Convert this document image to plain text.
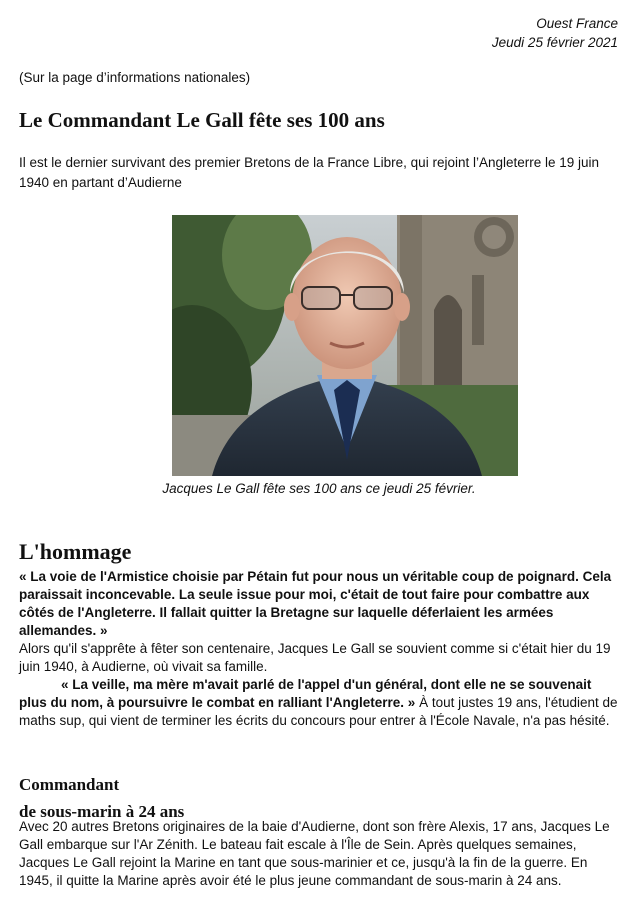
Ouest France
Jeudi 25 février 2021
(Sur la page d’informations nationales)
Le Commandant Le Gall fête ses 100 ans

Il est le dernier survivant des premier Bretons de la France Libre, qui rejoint l’Angleterre le 19 juin 1940 en partant d’Audierne

Jacques Le Gall fête ses 100 ans ce jeudi 25 février.
L'hommage

« La voie de l'Armistice choisie par Pétain fut pour nous un véritable coup de poignard. Cela paraissait inconcevable. La seule issue pour moi, c'était de tout faire pour combattre aux côtés de l'Angleterre. Il fallait quitter la Bretagne sur laquelle déferlaient les armées allemandes. »

Alors qu'il s'apprête à fêter son centenaire, Jacques Le Gall se souvient comme si c'était hier du 19 juin 1940, à Audierne, où vivait sa famille.

« La veille, ma mère m'avait parlé de l'appel d'un général, dont elle ne se souvenait plus du nom, à poursuivre le combat en ralliant l'Angleterre. » À tout justes 19 ans, l'étudient de maths sup, qui vient de terminer les écrits du concours pour entrer à l'École Navale, n'a pas hésité.

Commandant
de sous-marin à 24 ans

Avec 20 autres Bretons originaires de la baie d'Audierne, dont son frère Alexis, 17 ans, Jacques Le Gall embarque sur l'Ar Zénith. Le bateau fait escale à l'Île de Sein. Après quelques semaines, Jacques Le Gall rejoint la Marine en tant que sous-marinier et ce, jusqu'à la fin de la guerre. En 1945, il quitte la Marine après avoir été le plus jeune commandant de sous-marin à 24 ans.
